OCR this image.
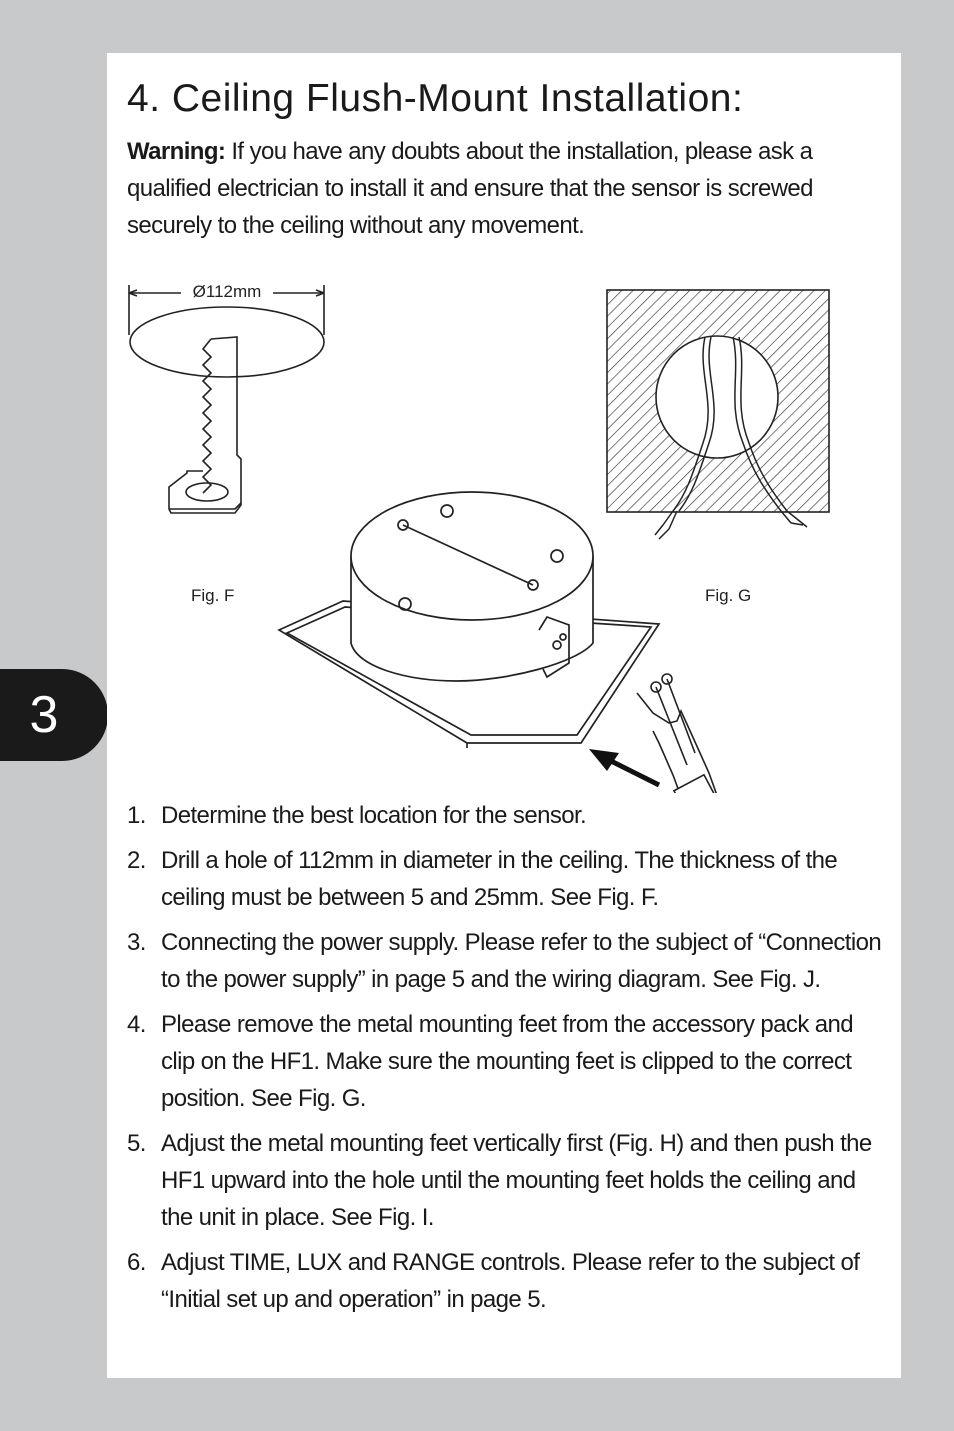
3
4. Ceiling Flush-Mount Installation:

Warning: If you have any doubts about the installation, please ask a qualified electrician to install it and ensure that the sensor is screwed securely to the ceiling without any movement.

Ø112mm
Fig. F	Fig. G
1. Determine the best location for the sensor.
2. Drill a hole of 112mm in diameter in the ceiling. The thickness of the ceiling must be between 5 and 25mm. See Fig. F.
3. Connecting the power supply. Please refer to the subject of “Connection to the power supply” in page 5 and the wiring diagram. See Fig. J.
4. Please remove the metal mounting feet from the accessory pack and clip on the HF1. Make sure the mounting feet is clipped to the correct position. See Fig. G.
5. Adjust the metal mounting feet vertically first (Fig. H) and then push the HF1 upward into the hole until the mounting feet holds the ceiling and the unit in place. See Fig. I.
6. Adjust TIME, LUX and RANGE controls. Please refer to the subject of “Initial set up and operation” in page 5.
